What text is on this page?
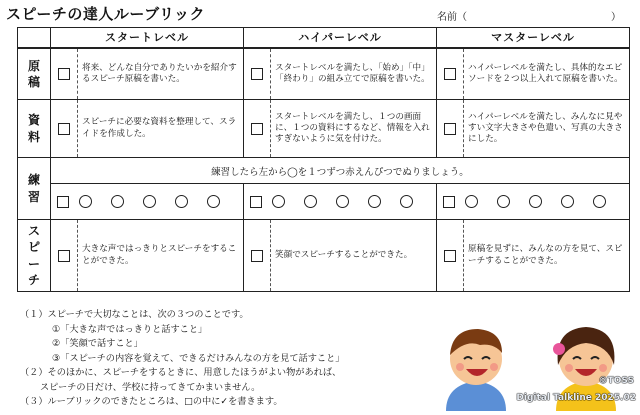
スピーチの達人ルーブリック	名前（	）
	スタートレベル	ハイパーレベル	マスターレベル
原稿	将来、どんな自分でありたいかを紹介するスピーチ原稿を書いた。	スタートレベルを満たし、「始め」「中」「終わり」の組み立てで原稿を書いた。	ハイパーレベルを満たし、具体的なエピソードを２つ以上入れて原稿を書いた。

資料	スピーチに必要な資料を整理して、スライドを作成した。	スタートレベルを満たし、１つの画面に、１つの資料にするなど、情報を入れすぎないように気を付けた。	ハイパーレベルを満たし、みんなに見やすい文字大きさや色遣い、写真の大きさにした。

練習	練習したら左から◯を１つずつ赤えんぴつでぬりましょう。		

スピーチ	大きな声ではっきりとスピーチをすることができた。	笑顔でスピーチすることができた。	原稿を見ずに、みんなの方を見て、スピーチすることができた。
（１）スピーチで大切なことは、次の３つのことです。
①「大きな声ではっきりと話すこと」
②「笑顔で話すこと」
③「スピーチの内容を覚えて、できるだけみんなの方を見て話すこと」
（２）そのほかに、スピーチをするときに、用意したほうがよい物があれば、
スピーチの日だけ、学校に持ってきてかまいません。
（３）ルーブリックのできたところは、□の中に✓を書きます。
©TOSS
Digital Talkline 2025.02
